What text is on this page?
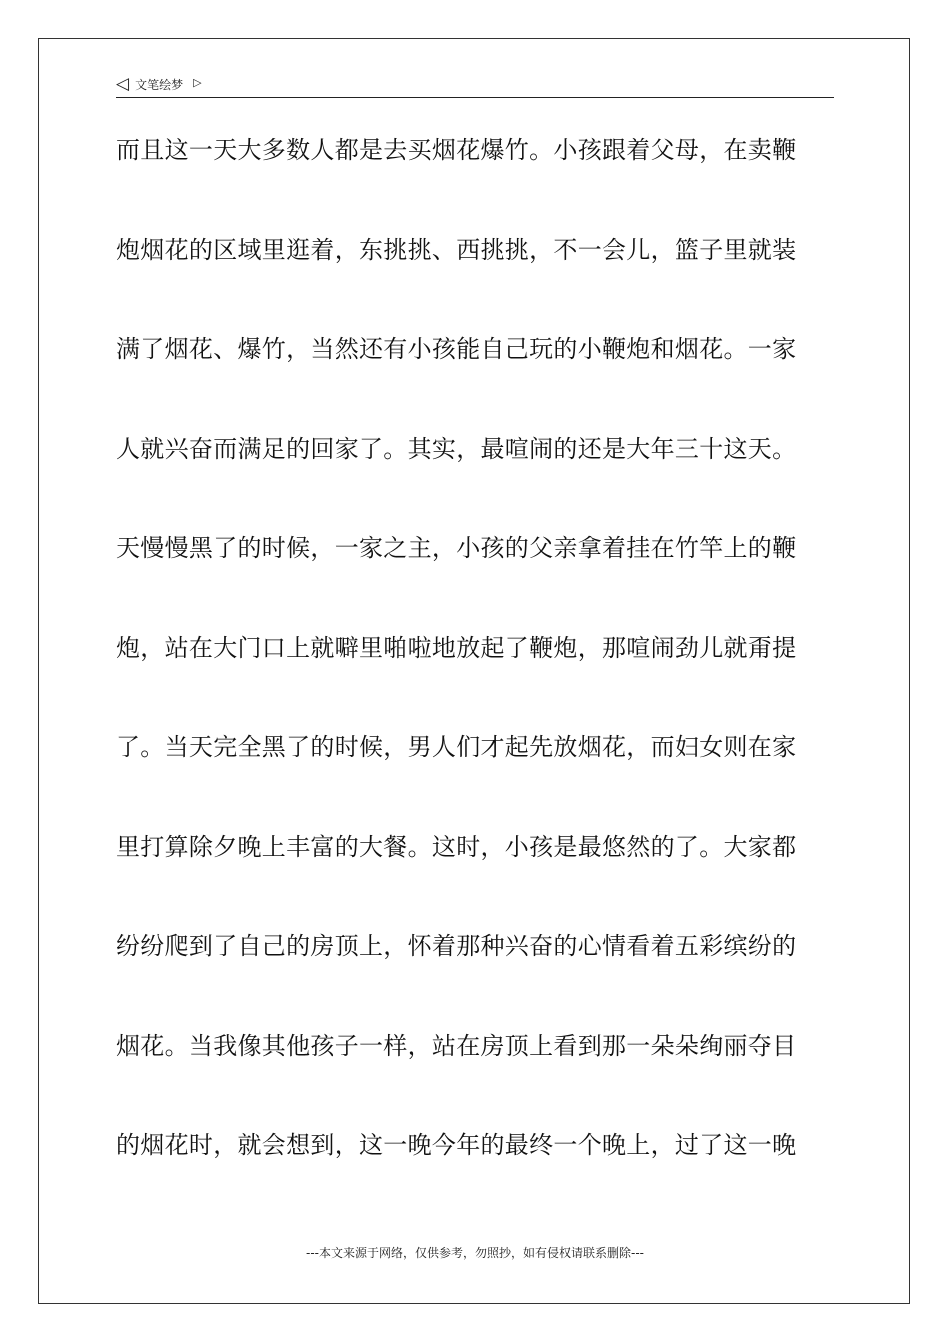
◁ 文笔绘梦 ▷
而且这一天大多数人都是去买烟花爆竹。小孩跟着父母，在卖鞭
炮烟花的区域里逛着，东挑挑、西挑挑，不一会儿，篮子里就装
满了烟花、爆竹，当然还有小孩能自己玩的小鞭炮和烟花。一家
人就兴奋而满足的回家了。其实，最喧闹的还是大年三十这天。
天慢慢黑了的时候，一家之主，小孩的父亲拿着挂在竹竿上的鞭
炮，站在大门口上就噼里啪啦地放起了鞭炮，那喧闹劲儿就甭提
了。当天完全黑了的时候，男人们才起先放烟花，而妇女则在家
里打算除夕晚上丰富的大餐。这时，小孩是最悠然的了。大家都
纷纷爬到了自己的房顶上，怀着那种兴奋的心情看着五彩缤纷的
烟花。当我像其他孩子一样，站在房顶上看到那一朵朵绚丽夺目
的烟花时，就会想到，这一晚今年的最终一个晚上，过了这一晚
---本文来源于网络，仅供参考，勿照抄，如有侵权请联系删除---
